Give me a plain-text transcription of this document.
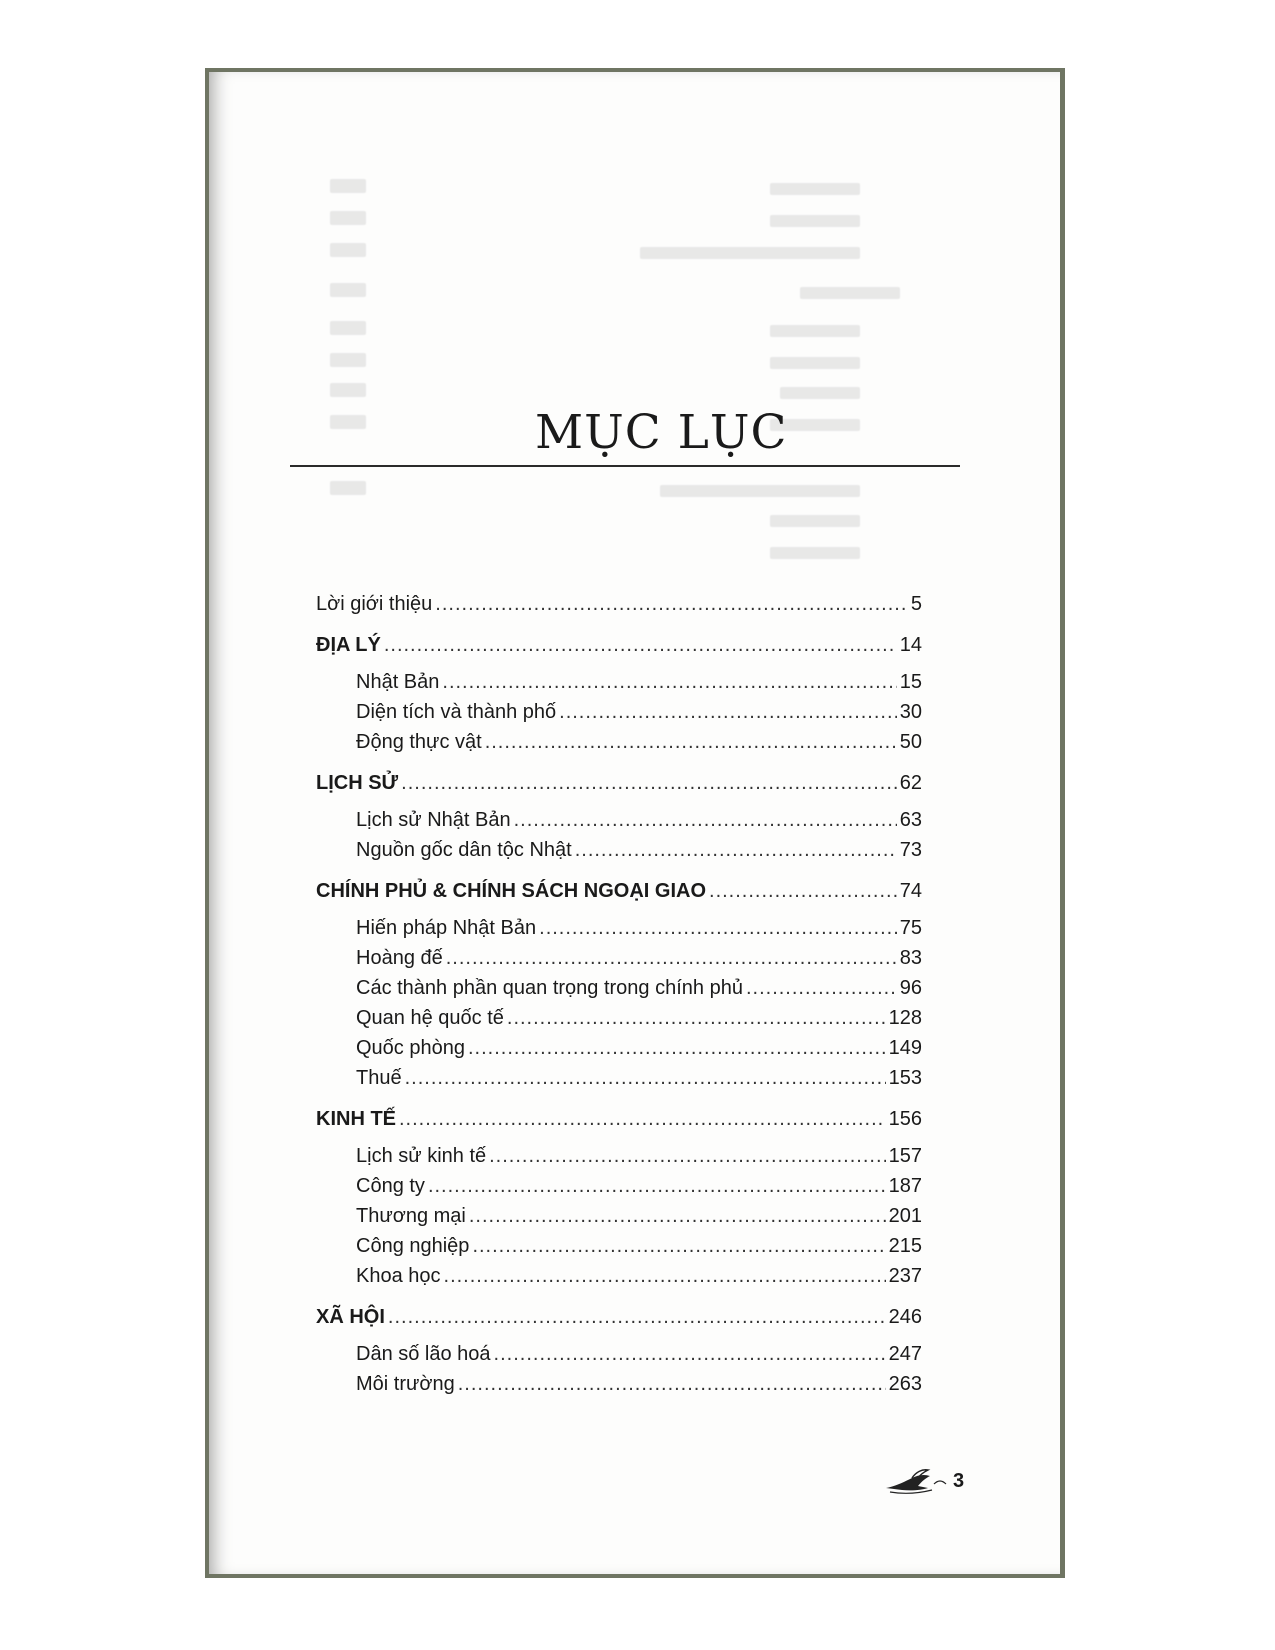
MỤC LỤC
Lời giới thiệu .....	5
ĐỊA LÝ .....	14
Nhật Bản .....	15
Diện tích và thành phố .....	30
Động thực vật .....	50
LỊCH SỬ .....	62
Lịch sử Nhật Bản .....	63
Nguồn gốc dân tộc Nhật .....	73
CHÍNH PHỦ & CHÍNH SÁCH NGOẠI GIAO .....	74
Hiến pháp Nhật Bản .....	75
Hoàng đế .....	83
Các thành phần quan trọng trong chính phủ .....	96
Quan hệ quốc tế .....	128
Quốc phòng .....	149
Thuế .....	153
KINH TẾ .....	156
Lịch sử kinh tế .....	157
Công ty .....	187
Thương mại .....	201
Công nghiệp .....	215
Khoa học .....	237
XÃ HỘI .....	246
Dân số lão hoá .....	247
Môi trường .....	263
3
